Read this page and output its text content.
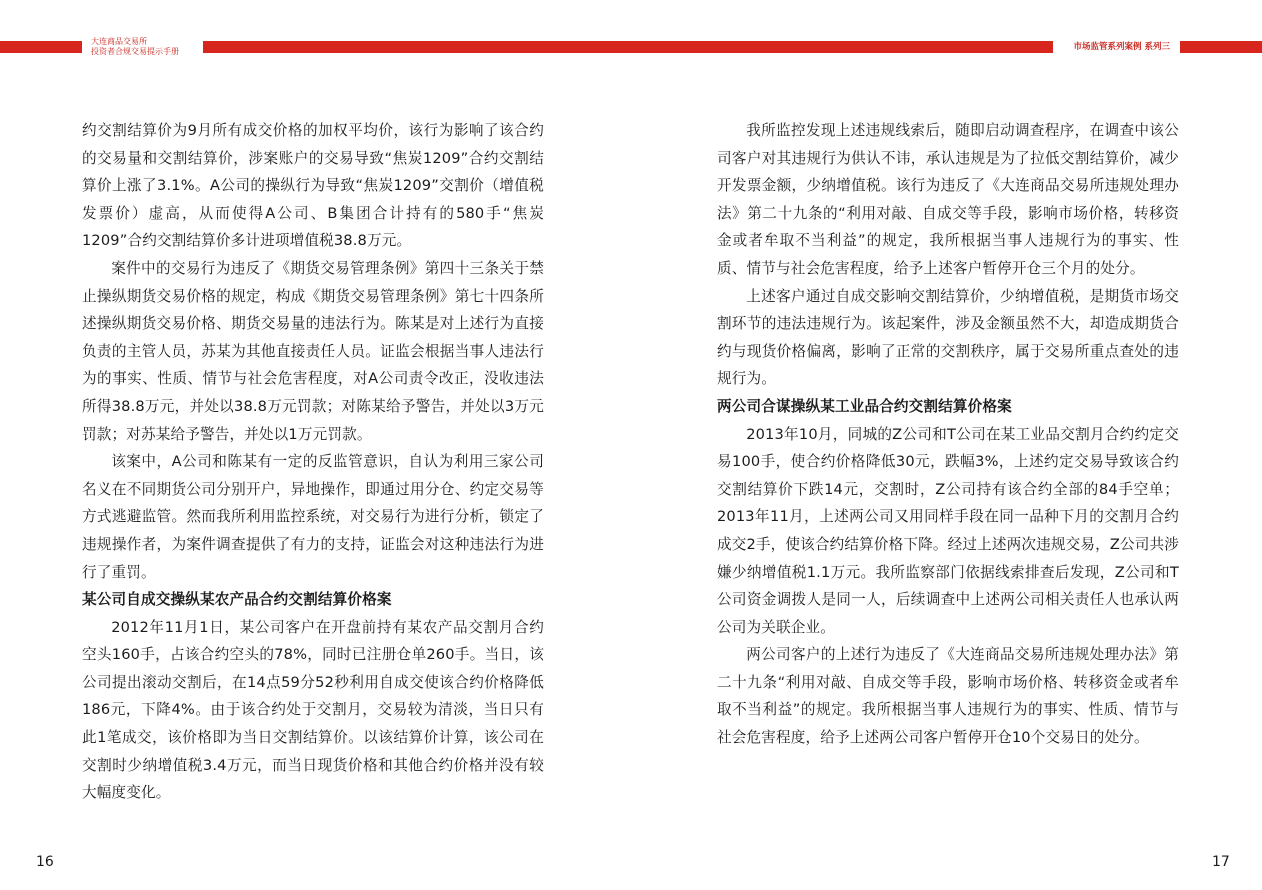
大连商品交易所
投资者合规交易提示手册	市场监管系列案例 系列三

约交割结算价为9月所有成交价格的加权平均价，该行为影响了该合约的交易量和交割结算价，涉案账户的交易导致“焦炭1209”合约交割结算价上涨了3.1%。A公司的操纵行为导致“焦炭1209”交割价（增值税发票价）虚高，从而使得A公司、B集团合计持有的580手“焦炭1209”合约交割结算价多计进项增值税38.8万元。

案件中的交易行为违反了《期货交易管理条例》第四十三条关于禁止操纵期货交易价格的规定，构成《期货交易管理条例》第七十四条所述操纵期货交易价格、期货交易量的违法行为。陈某是对上述行为直接负责的主管人员，苏某为其他直接责任人员。证监会根据当事人违法行为的事实、性质、情节与社会危害程度，对A公司责令改正，没收违法所得38.8万元，并处以38.8万元罚款；对陈某给予警告，并处以3万元罚款；对苏某给予警告，并处以1万元罚款。

该案中，A公司和陈某有一定的反监管意识，自认为利用三家公司名义在不同期货公司分别开户，异地操作，即通过用分仓、约定交易等方式逃避监管。然而我所利用监控系统，对交易行为进行分析，锁定了违规操作者，为案件调查提供了有力的支持，证监会对这种违法行为进行了重罚。

某公司自成交操纵某农产品合约交割结算价格案

2012年11月1日，某公司客户在开盘前持有某农产品交割月合约空头160手，占该合约空头的78%，同时已注册仓单260手。当日，该公司提出滚动交割后，在14点59分52秒利用自成交使该合约价格降低186元，下降4%。由于该合约处于交割月，交易较为清淡，当日只有此1笔成交，该价格即为当日交割结算价。以该结算价计算，该公司在交割时少纳增值税3.4万元，而当日现货价格和其他合约价格并没有较大幅度变化。

16

我所监控发现上述违规线索后，随即启动调查程序，在调查中该公司客户对其违规行为供认不讳，承认违规是为了拉低交割结算价，减少开发票金额，少纳增值税。该行为违反了《大连商品交易所违规处理办法》第二十九条的“利用对敲、自成交等手段，影响市场价格，转移资金或者牟取不当利益”的规定，我所根据当事人违规行为的事实、性质、情节与社会危害程度，给予上述客户暂停开仓三个月的处分。

上述客户通过自成交影响交割结算价，少纳增值税，是期货市场交割环节的违法违规行为。该起案件，涉及金额虽然不大，却造成期货合约与现货价格偏离，影响了正常的交割秩序，属于交易所重点查处的违规行为。

两公司合谋操纵某工业品合约交割结算价格案

2013年10月，同城的Z公司和T公司在某工业品交割月合约约定交易100手，使合约价格降低30元，跌幅3%，上述约定交易导致该合约交割结算价下跌14元，交割时，Z公司持有该合约全部的84手空单；2013年11月，上述两公司又用同样手段在同一品种下月的交割月合约成交2手，使该合约结算价格下降。经过上述两次违规交易，Z公司共涉嫌少纳增值税1.1万元。我所监察部门依据线索排查后发现，Z公司和T公司资金调拨人是同一人，后续调查中上述两公司相关责任人也承认两公司为关联企业。

两公司客户的上述行为违反了《大连商品交易所违规处理办法》第二十九条“利用对敲、自成交等手段，影响市场价格、转移资金或者牟取不当利益”的规定。我所根据当事人违规行为的事实、性质、情节与社会危害程度，给予上述两公司客户暂停开仓10个交易日的处分。

17
